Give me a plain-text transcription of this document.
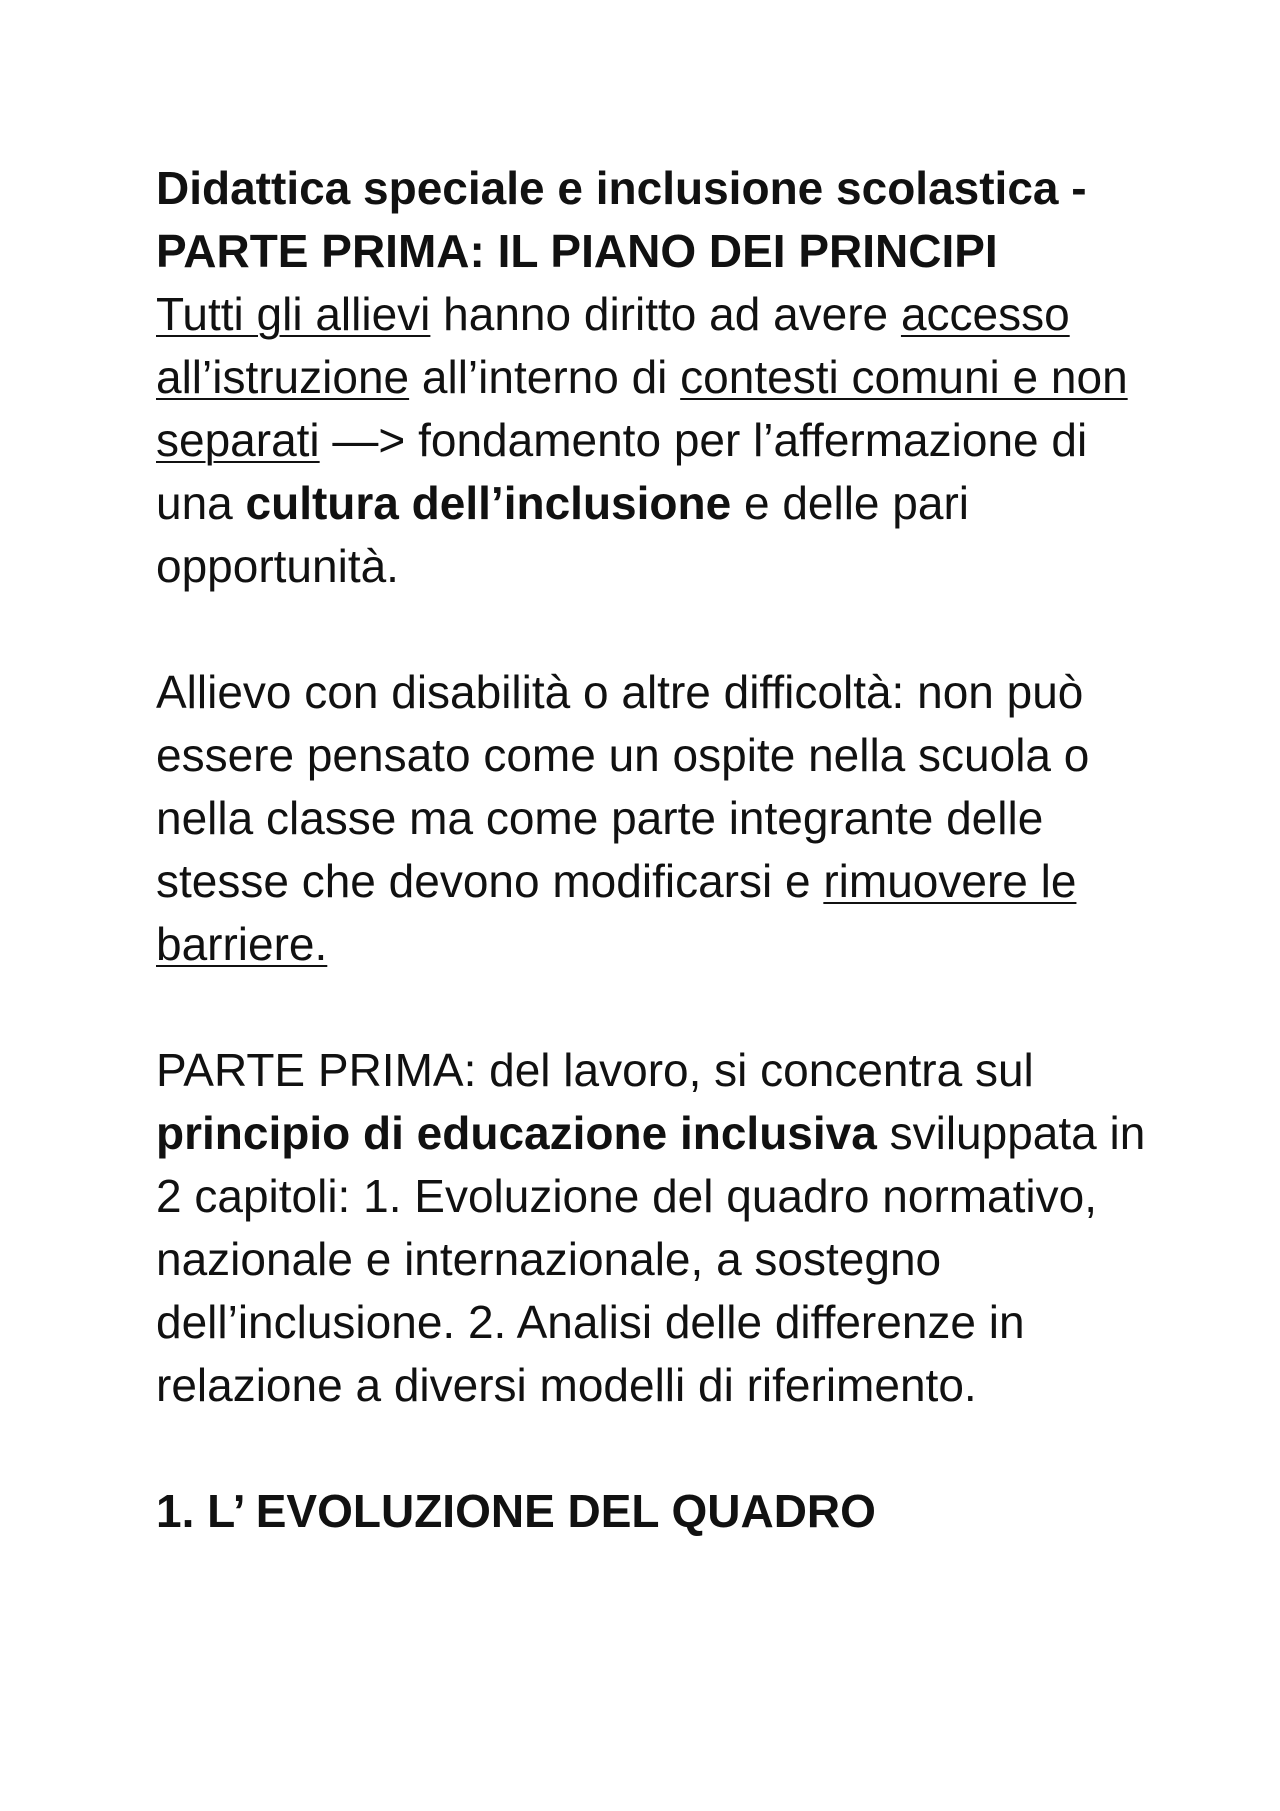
Didattica speciale e inclusione scolastica - PARTE PRIMA: IL PIANO DEI PRINCIPI

Tutti gli allievi hanno diritto ad avere accesso all’istruzione all’interno di contesti comuni e non separati —> fondamento per l’affermazione di una cultura dell’inclusione e delle pari opportunità.

Allievo con disabilità o altre difficoltà: non può essere pensato come un ospite nella scuola o nella classe ma come parte integrante delle stesse che devono modificarsi e rimuovere le barriere.

PARTE PRIMA: del lavoro, si concentra sul principio di educazione inclusiva sviluppata in 2 capitoli: 1. Evoluzione del quadro normativo, nazionale e internazionale, a sostegno dell’inclusione. 2. Analisi delle differenze in relazione a diversi modelli di riferimento.

1. L’ EVOLUZIONE DEL QUADRO
